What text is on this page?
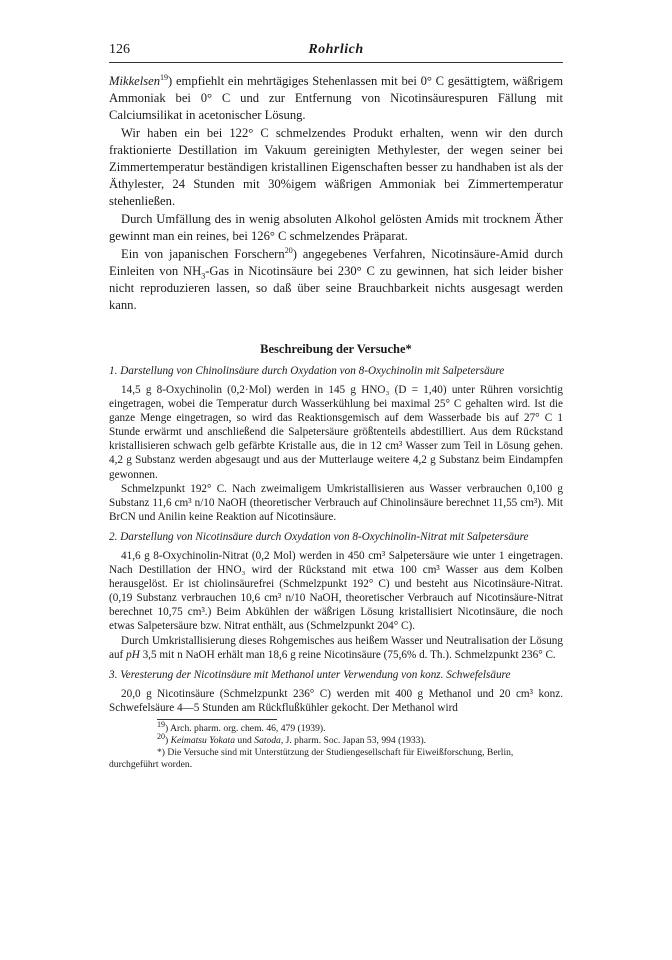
126	Rohrlich

Mikkelsen$^{19}$) empfiehlt ein mehrtägiges Stehenlassen mit bei 0° C gesättigtem, wäßrigem Ammoniak bei 0° C und zur Entfernung von Nicotinsäurespuren Fällung mit Calciumsilikat in acetonischer Lösung.

Wir haben ein bei 122° C schmelzendes Produkt erhalten, wenn wir den durch fraktionierte Destillation im Vakuum gereinigten Methylester, der wegen seiner bei Zimmertemperatur beständigen kristallinen Eigenschaften besser zu handhaben ist als der Äthylester, 24 Stunden mit 30%igem wäßrigen Ammoniak bei Zimmertemperatur stehenließen.

Durch Umfällung des in wenig absoluten Alkohol gelösten Amids mit trocknem Äther gewinnt man ein reines, bei 126° C schmelzendes Präparat.

Ein von japanischen Forschern$^{20}$) angegebenes Verfahren, Nicotinsäure-Amid durch Einleiten von $NH_3$-Gas in Nicotinsäure bei 230° C zu gewinnen, hat sich leider bisher nicht reproduzieren lassen, so daß über seine Brauchbarkeit nichts ausgesagt werden kann.

Beschreibung der Versuche*
1. Darstellung von Chinolinsäure durch Oxydation von 8-Oxychinolin mit Salpetersäure

14,5 g 8-Oxychinolin (0,2·Mol) werden in 145 g HNO₃ (D = 1,40) unter Rühren vorsichtig eingetragen, wobei die Temperatur durch Wasserkühlung bei maximal 25° C gehalten wird. Ist die ganze Menge eingetragen, so wird das Reaktionsgemisch auf dem Wasserbade bis auf 27° C 1 Stunde erwärmt und anschließend die Salpetersäure größtenteils abdestilliert. Aus dem Rückstand kristallisieren schwach gelb gefärbte Kristalle aus, die in 12 cm³ Wasser zum Teil in Lösung gehen. 4,2 g Substanz werden abgesaugt und aus der Mutterlauge weitere 4,2 g Substanz beim Eindampfen gewonnen.

Schmelzpunkt 192° C. Nach zweimaligem Umkristallisieren aus Wasser verbrauchen 0,100 g Substanz 11,6 cm³ n/10 NaOH (theoretischer Verbrauch auf Chinolinsäure berechnet 11,55 cm³). Mit BrCN und Anilin keine Reaktion auf Nicotinsäure.

2. Darstellung von Nicotinsäure durch Oxydation von 8-Oxychinolin-Nitrat mit Salpetersäure

41,6 g 8-Oxychinolin-Nitrat (0,2 Mol) werden in 450 cm³ Salpetersäure wie unter 1 eingetragen. Nach Destillation der HNO₃ wird der Rückstand mit etwa 100 cm³ Wasser aus dem Kolben herausgelöst. Er ist chiolinsäurefrei (Schmelzpunkt 192° C) und besteht aus Nicotinsäure-Nitrat. (0,19 Substanz verbrauchen 10,6 cm³ n/10 NaOH, theoretischer Verbrauch auf Nicotinsäure-Nitrat berechnet 10,75 cm³.) Beim Abkühlen der wäßrigen Lösung kristallisiert Nicotinsäure, die noch etwas Salpetersäure bzw. Nitrat enthält, aus (Schmelzpunkt 204° C).

Durch Umkristallisierung dieses Rohgemisches aus heißem Wasser und Neutralisation der Lösung auf pH 3,5 mit n NaOH erhält man 18,6 g reine Nicotinsäure (75,6% d. Th.). Schmelzpunkt 236° C.

3. Veresterung der Nicotinsäure mit Methanol unter Verwendung von konz. Schwefelsäure

20,0 g Nicotinsäure (Schmelzpunkt 236° C) werden mit 400 g Methanol und 20 cm³ konz. Schwefelsäure 4—5 Stunden am Rückflußkühler gekocht. Der Methanol wird

$^{19}$) Arch. pharm. org. chem. 46, 479 (1939).

$^{20}$) Keimatsu Yokata und Satoda, J. pharm. Soc. Japan 53, 994 (1933).

*) Die Versuche sind mit Unterstützung der Studiengesellschaft für Eiweißforschung, Berlin, durchgeführt worden.
